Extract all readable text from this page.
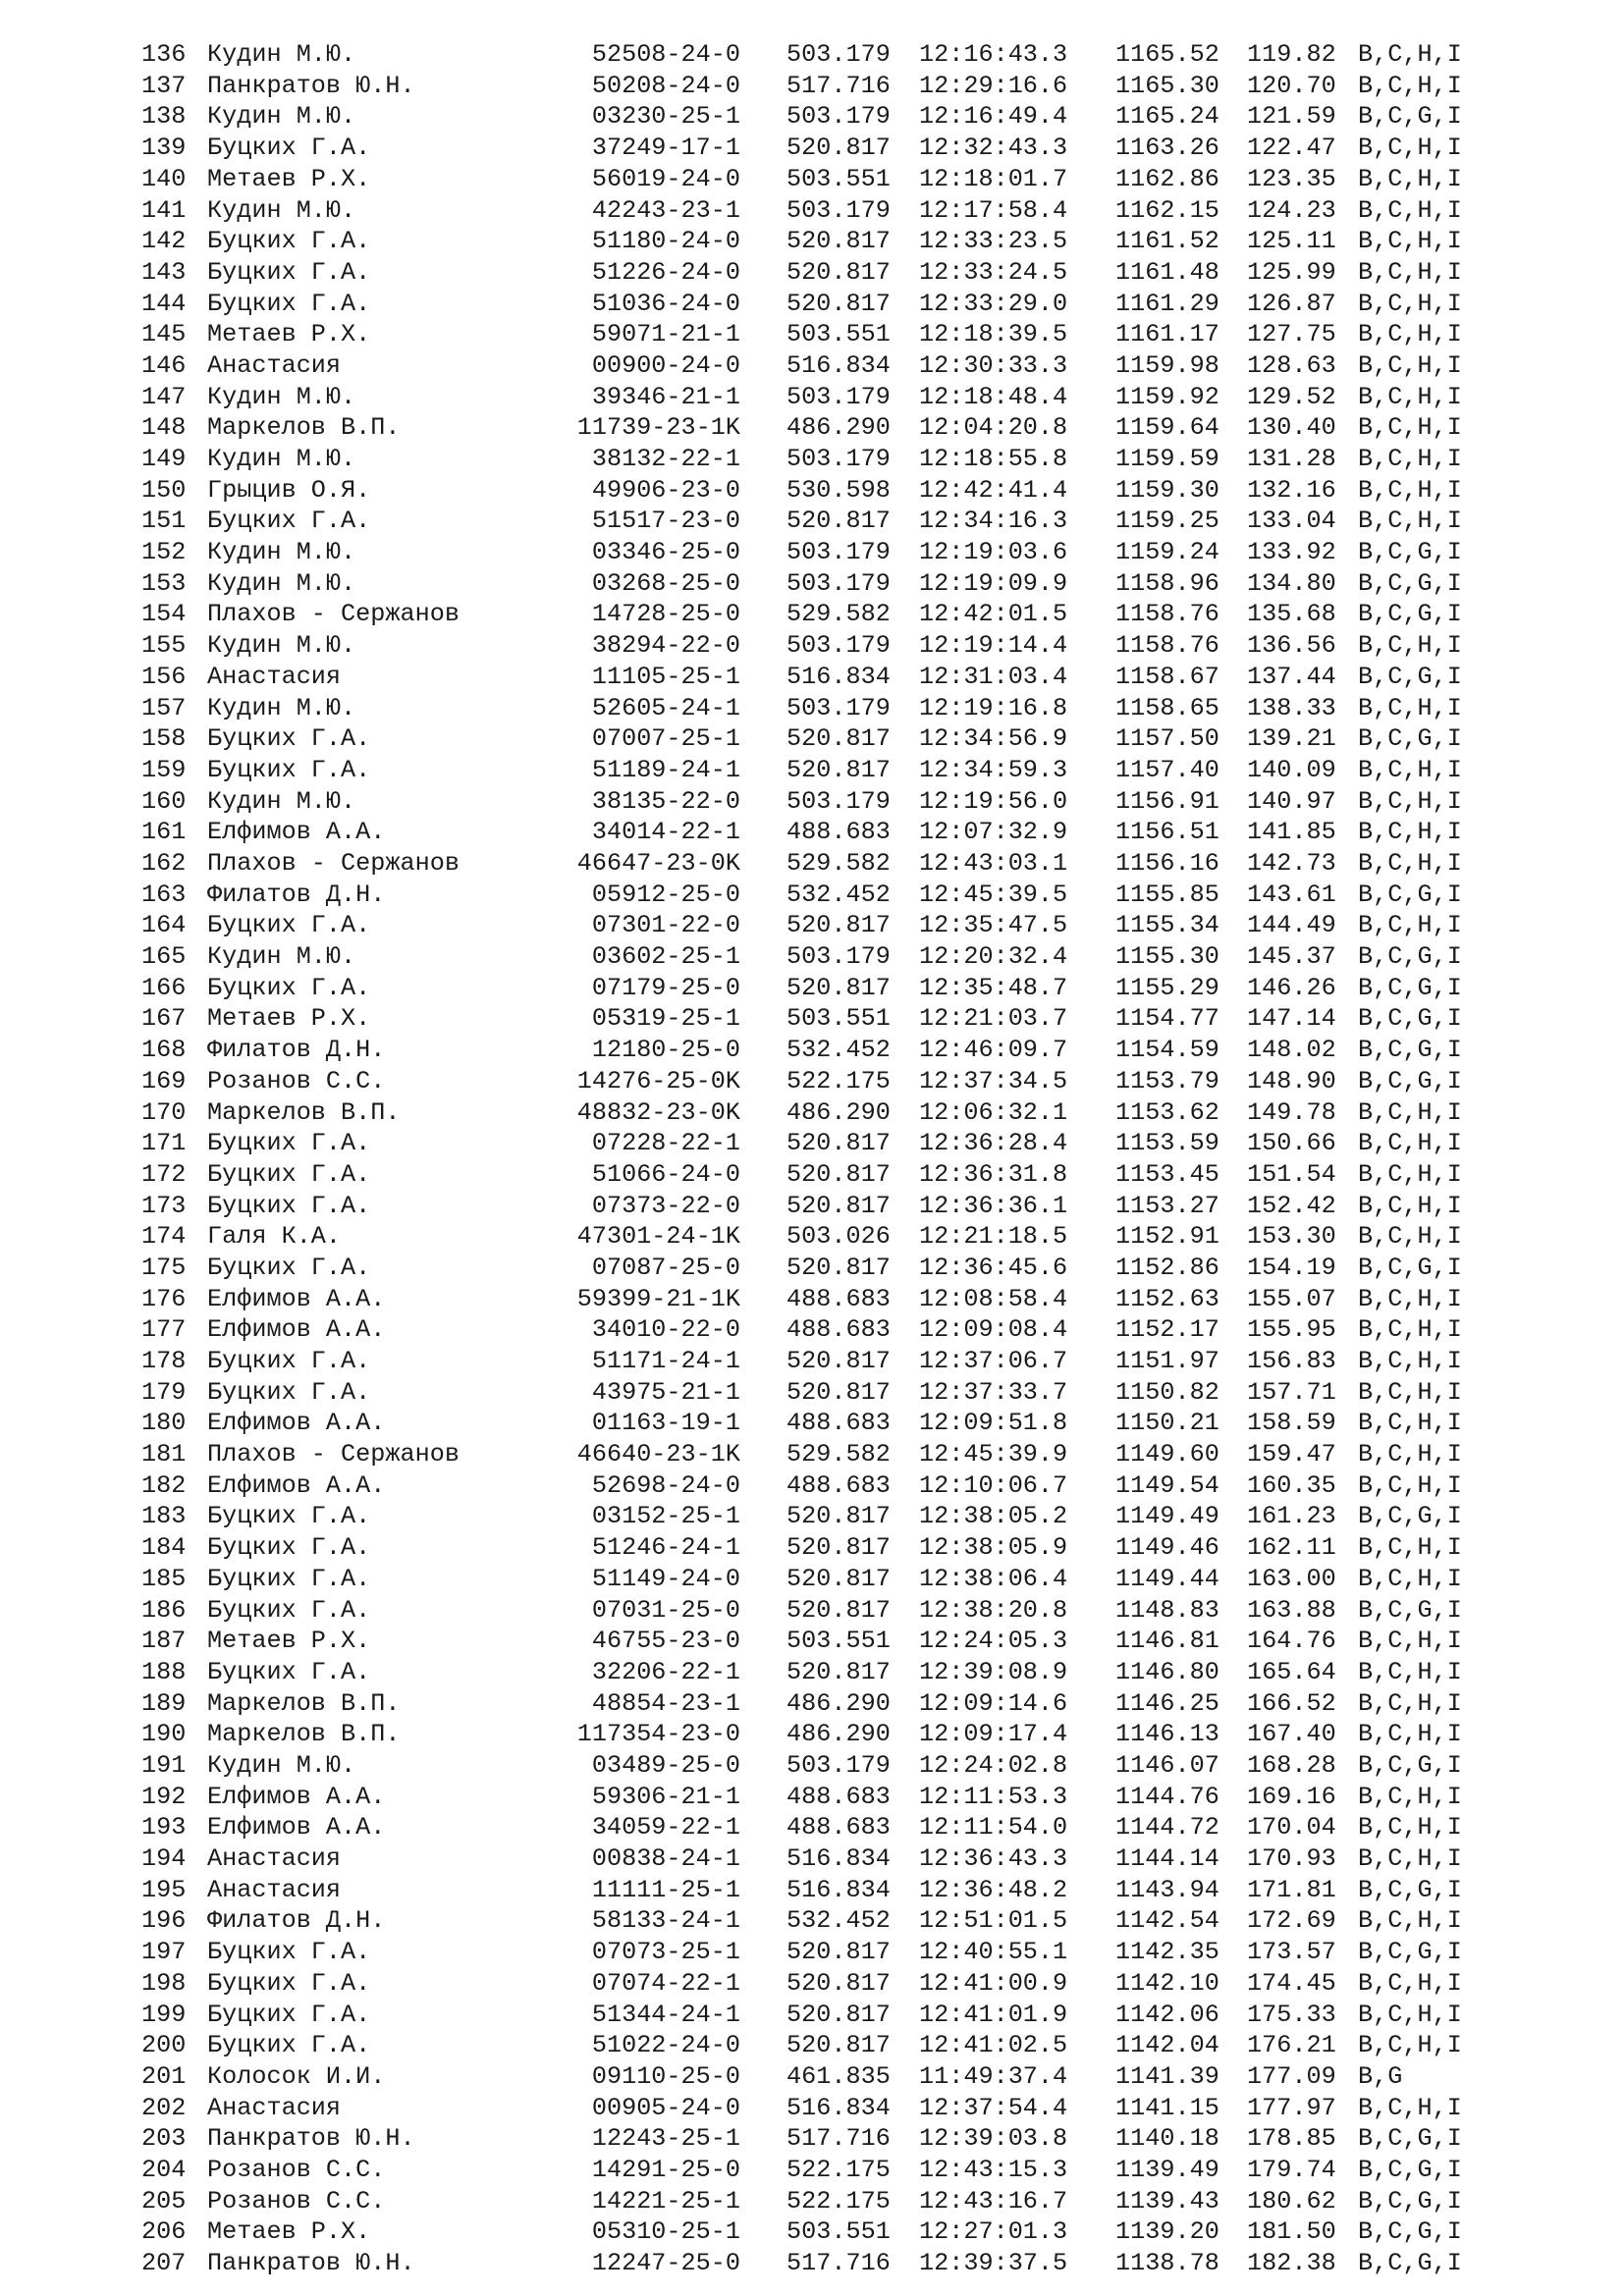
136 Кудин М.Ю.	52508-24-0 503.179 12:16:43.3 1165.52 119.82 B,C,H,I
137 Панкратов Ю.Н.	50208-24-0 517.716 12:29:16.6 1165.30 120.70 B,C,H,I
138 Кудин М.Ю.	03230-25-1 503.179 12:16:49.4 1165.24 121.59 B,C,G,I
139 Буцких Г.А.	37249-17-1 520.817 12:32:43.3 1163.26 122.47 B,C,H,I
140 Метаев Р.Х.	56019-24-0 503.551 12:18:01.7 1162.86 123.35 B,C,H,I
141 Кудин М.Ю.	42243-23-1 503.179 12:17:58.4 1162.15 124.23 B,C,H,I
142 Буцких Г.А.	51180-24-0 520.817 12:33:23.5 1161.52 125.11 B,C,H,I
143 Буцких Г.А.	51226-24-0 520.817 12:33:24.5 1161.48 125.99 B,C,H,I
144 Буцких Г.А.	51036-24-0 520.817 12:33:29.0 1161.29 126.87 B,C,H,I
145 Метаев Р.Х.	59071-21-1 503.551 12:18:39.5 1161.17 127.75 B,C,H,I
146 Анастасия	00900-24-0 516.834 12:30:33.3 1159.98 128.63 B,C,H,I
147 Кудин М.Ю.	39346-21-1 503.179 12:18:48.4 1159.92 129.52 B,C,H,I
148 Маркелов В.П.	11739-23-1K 486.290 12:04:20.8 1159.64 130.40 B,C,H,I
149 Кудин М.Ю.	38132-22-1 503.179 12:18:55.8 1159.59 131.28 B,C,H,I
150 Грыцив О.Я.	49906-23-0 530.598 12:42:41.4 1159.30 132.16 B,C,H,I
151 Буцких Г.А.	51517-23-0 520.817 12:34:16.3 1159.25 133.04 B,C,H,I
152 Кудин М.Ю.	03346-25-0 503.179 12:19:03.6 1159.24 133.92 B,C,G,I
153 Кудин М.Ю.	03268-25-0 503.179 12:19:09.9 1158.96 134.80 B,C,G,I
154 Плахов - Сержанов	14728-25-0 529.582 12:42:01.5 1158.76 135.68 B,C,G,I
155 Кудин М.Ю.	38294-22-0 503.179 12:19:14.4 1158.76 136.56 B,C,H,I
156 Анастасия	11105-25-1 516.834 12:31:03.4 1158.67 137.44 B,C,G,I
157 Кудин М.Ю.	52605-24-1 503.179 12:19:16.8 1158.65 138.33 B,C,H,I
158 Буцких Г.А.	07007-25-1 520.817 12:34:56.9 1157.50 139.21 B,C,G,I
159 Буцких Г.А.	51189-24-1 520.817 12:34:59.3 1157.40 140.09 B,C,H,I
160 Кудин М.Ю.	38135-22-0 503.179 12:19:56.0 1156.91 140.97 B,C,H,I
161 Елфимов А.А.	34014-22-1 488.683 12:07:32.9 1156.51 141.85 B,C,H,I
162 Плахов - Сержанов	46647-23-0K 529.582 12:43:03.1 1156.16 142.73 B,C,H,I
163 Филатов Д.Н.	05912-25-0 532.452 12:45:39.5 1155.85 143.61 B,C,G,I
164 Буцких Г.А.	07301-22-0 520.817 12:35:47.5 1155.34 144.49 B,C,H,I
165 Кудин М.Ю.	03602-25-1 503.179 12:20:32.4 1155.30 145.37 B,C,G,I
166 Буцких Г.А.	07179-25-0 520.817 12:35:48.7 1155.29 146.26 B,C,G,I
167 Метаев Р.Х.	05319-25-1 503.551 12:21:03.7 1154.77 147.14 B,C,G,I
168 Филатов Д.Н.	12180-25-0 532.452 12:46:09.7 1154.59 148.02 B,C,G,I
169 Розанов С.С.	14276-25-0K 522.175 12:37:34.5 1153.79 148.90 B,C,G,I
170 Маркелов В.П.	48832-23-0K 486.290 12:06:32.1 1153.62 149.78 B,C,H,I
171 Буцких Г.А.	07228-22-1 520.817 12:36:28.4 1153.59 150.66 B,C,H,I
172 Буцких Г.А.	51066-24-0 520.817 12:36:31.8 1153.45 151.54 B,C,H,I
173 Буцких Г.А.	07373-22-0 520.817 12:36:36.1 1153.27 152.42 B,C,H,I
174 Галя К.А.	47301-24-1K 503.026 12:21:18.5 1152.91 153.30 B,C,H,I
175 Буцких Г.А.	07087-25-0 520.817 12:36:45.6 1152.86 154.19 B,C,G,I
176 Елфимов А.А.	59399-21-1K 488.683 12:08:58.4 1152.63 155.07 B,C,H,I
177 Елфимов А.А.	34010-22-0 488.683 12:09:08.4 1152.17 155.95 B,C,H,I
178 Буцких Г.А.	51171-24-1 520.817 12:37:06.7 1151.97 156.83 B,C,H,I
179 Буцких Г.А.	43975-21-1 520.817 12:37:33.7 1150.82 157.71 B,C,H,I
180 Елфимов А.А.	01163-19-1 488.683 12:09:51.8 1150.21 158.59 B,C,H,I
181 Плахов - Сержанов	46640-23-1K 529.582 12:45:39.9 1149.60 159.47 B,C,H,I
182 Елфимов А.А.	52698-24-0 488.683 12:10:06.7 1149.54 160.35 B,C,H,I
183 Буцких Г.А.	03152-25-1 520.817 12:38:05.2 1149.49 161.23 B,C,G,I
184 Буцких Г.А.	51246-24-1 520.817 12:38:05.9 1149.46 162.11 B,C,H,I
185 Буцких Г.А.	51149-24-0 520.817 12:38:06.4 1149.44 163.00 B,C,H,I
186 Буцких Г.А.	07031-25-0 520.817 12:38:20.8 1148.83 163.88 B,C,G,I
187 Метаев Р.Х.	46755-23-0 503.551 12:24:05.3 1146.81 164.76 B,C,H,I
188 Буцких Г.А.	32206-22-1 520.817 12:39:08.9 1146.80 165.64 B,C,H,I
189 Маркелов В.П.	48854-23-1 486.290 12:09:14.6 1146.25 166.52 B,C,H,I
190 Маркелов В.П.	117354-23-0 486.290 12:09:17.4 1146.13 167.40 B,C,H,I
191 Кудин М.Ю.	03489-25-0 503.179 12:24:02.8 1146.07 168.28 B,C,G,I
192 Елфимов А.А.	59306-21-1 488.683 12:11:53.3 1144.76 169.16 B,C,H,I
193 Елфимов А.А.	34059-22-1 488.683 12:11:54.0 1144.72 170.04 B,C,H,I
194 Анастасия	00838-24-1 516.834 12:36:43.3 1144.14 170.93 B,C,H,I
195 Анастасия	11111-25-1 516.834 12:36:48.2 1143.94 171.81 B,C,G,I
196 Филатов Д.Н.	58133-24-1 532.452 12:51:01.5 1142.54 172.69 B,C,H,I
197 Буцких Г.А.	07073-25-1 520.817 12:40:55.1 1142.35 173.57 B,C,G,I
198 Буцких Г.А.	07074-22-1 520.817 12:41:00.9 1142.10 174.45 B,C,H,I
199 Буцких Г.А.	51344-24-1 520.817 12:41:01.9 1142.06 175.33 B,C,H,I
200 Буцких Г.А.	51022-24-0 520.817 12:41:02.5 1142.04 176.21 B,C,H,I
201 Колосок И.И.	09110-25-0 461.835 11:49:37.4 1141.39 177.09 B,G
202 Анастасия	00905-24-0 516.834 12:37:54.4 1141.15 177.97 B,C,H,I
203 Панкратов Ю.Н.	12243-25-1 517.716 12:39:03.8 1140.18 178.85 B,C,G,I
204 Розанов С.С.	14291-25-0 522.175 12:43:15.3 1139.49 179.74 B,C,G,I
205 Розанов С.С.	14221-25-1 522.175 12:43:16.7 1139.43 180.62 B,C,G,I
206 Метаев Р.Х.	05310-25-1 503.551 12:27:01.3 1139.20 181.50 B,C,G,I
207 Панкратов Ю.Н.	12247-25-0 517.716 12:39:37.5 1138.78 182.38 B,C,G,I
